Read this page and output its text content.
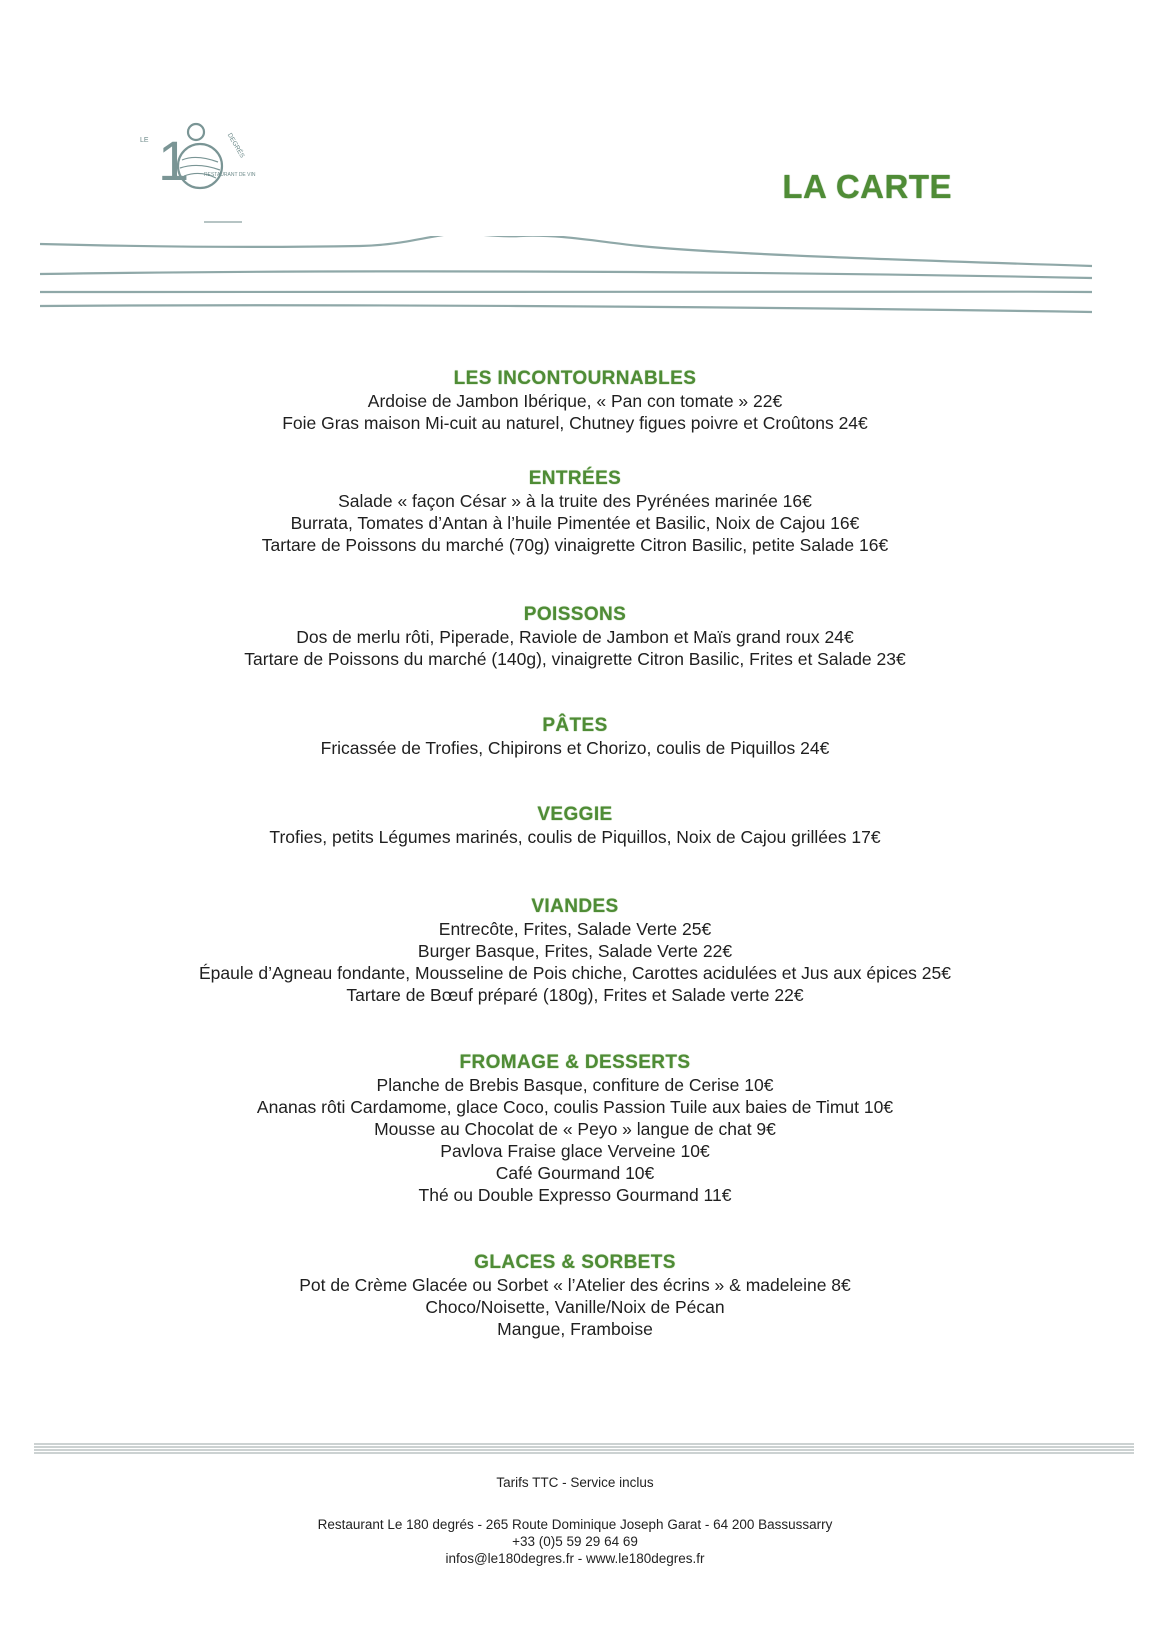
LE 1	DEGRÉS
RESTAURANT DE VIN	LA CARTE
LES INCONTOURNABLES
Ardoise de Jambon Ibérique, « Pan con tomate » 22€
Foie Gras maison Mi-cuit au naturel, Chutney figues poivre et Croûtons 24€
ENTRÉES
Salade « façon César » à la truite des Pyrénées marinée 16€
Burrata, Tomates d’Antan à l’huile Pimentée et Basilic, Noix de Cajou 16€
Tartare de Poissons du marché (70g) vinaigrette Citron Basilic, petite Salade 16€
POISSONS
Dos de merlu rôti, Piperade, Raviole de Jambon et Maïs grand roux 24€
Tartare de Poissons du marché (140g), vinaigrette Citron Basilic, Frites et Salade 23€
PÂTES
Fricassée de Trofies, Chipirons et Chorizo, coulis de Piquillos 24€
VEGGIE
Trofies, petits Légumes marinés, coulis de Piquillos, Noix de Cajou grillées 17€
VIANDES
Entrecôte, Frites, Salade Verte 25€
Burger Basque, Frites, Salade Verte 22€
Épaule d’Agneau fondante, Mousseline de Pois chiche, Carottes acidulées et Jus aux épices 25€
Tartare de Bœuf préparé (180g), Frites et Salade verte 22€
FROMAGE & DESSERTS
Planche de Brebis Basque, confiture de Cerise 10€
Ananas rôti Cardamome, glace Coco, coulis Passion Tuile aux baies de Timut 10€
Mousse au Chocolat de « Peyo » langue de chat 9€
Pavlova Fraise glace Verveine 10€
Café Gourmand 10€
Thé ou Double Expresso Gourmand 11€
GLACES & SORBETS
Pot de Crème Glacée ou Sorbet « l’Atelier des écrins » & madeleine 8€
Choco/Noisette, Vanille/Noix de Pécan
Mangue, Framboise
Tarifs TTC - Service inclus
Restaurant Le 180 degrés - 265 Route Dominique Joseph Garat - 64 200 Bassussarry
+33 (0)5 59 29 64 69
infos@le180degres.fr - www.le180degres.fr
